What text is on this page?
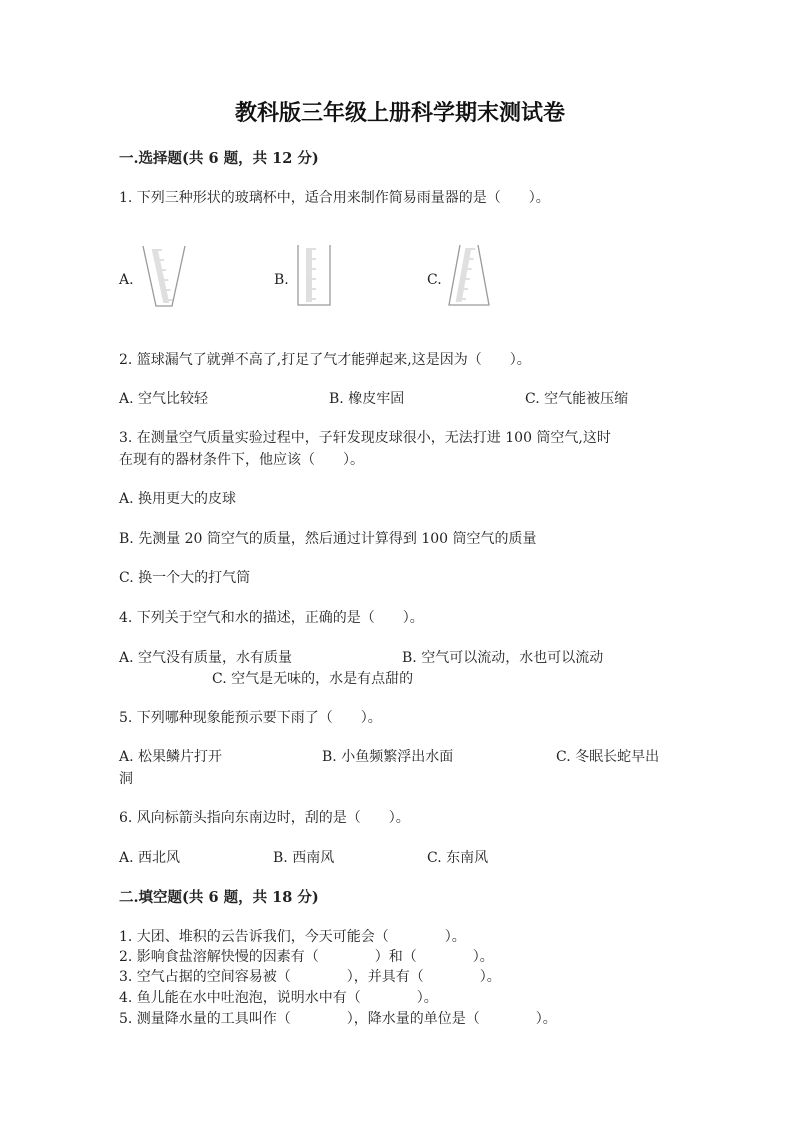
教科版三年级上册科学期末测试卷
一.选择题(共 6 题，共 12 分)
1. 下列三种形状的玻璃杯中，适合用来制作简易雨量器的是（　　）。
A.	B.	C.
2. 篮球漏气了就弹不高了,打足了气才能弹起来,这是因为（　　）。
A. 空气比较轻	B. 橡皮牢固	C. 空气能被压缩
3. 在测量空气质量实验过程中，子轩发现皮球很小，无法打进 100 筒空气,这时
在现有的器材条件下，他应该（　　）。
A. 换用更大的皮球
B. 先测量 20 筒空气的质量，然后通过计算得到 100 筒空气的质量
C. 换一个大的打气筒
4. 下列关于空气和水的描述，正确的是（　　）。
A. 空气没有质量，水有质量	B. 空气可以流动，水也可以流动
C. 空气是无味的，水是有点甜的
5. 下列哪种现象能预示要下雨了（　　）。
A. 松果鳞片打开	B. 小鱼频繁浮出水面	C. 冬眠长蛇早出
洞
6. 风向标箭头指向东南边时，刮的是（　　）。
A. 西北风	B. 西南风	C. 东南风
二.填空题(共 6 题，共 18 分)
1. 大团、堆积的云告诉我们，今天可能会（　　　　）。
2. 影响食盐溶解快慢的因素有（　　　　）和（　　　　）。
3. 空气占据的空间容易被（　　　　），并具有（　　　　）。
4. 鱼儿能在水中吐泡泡，说明水中有（　　　　）。
5. 测量降水量的工具叫作（　　　　），降水量的单位是（　　　　）。
